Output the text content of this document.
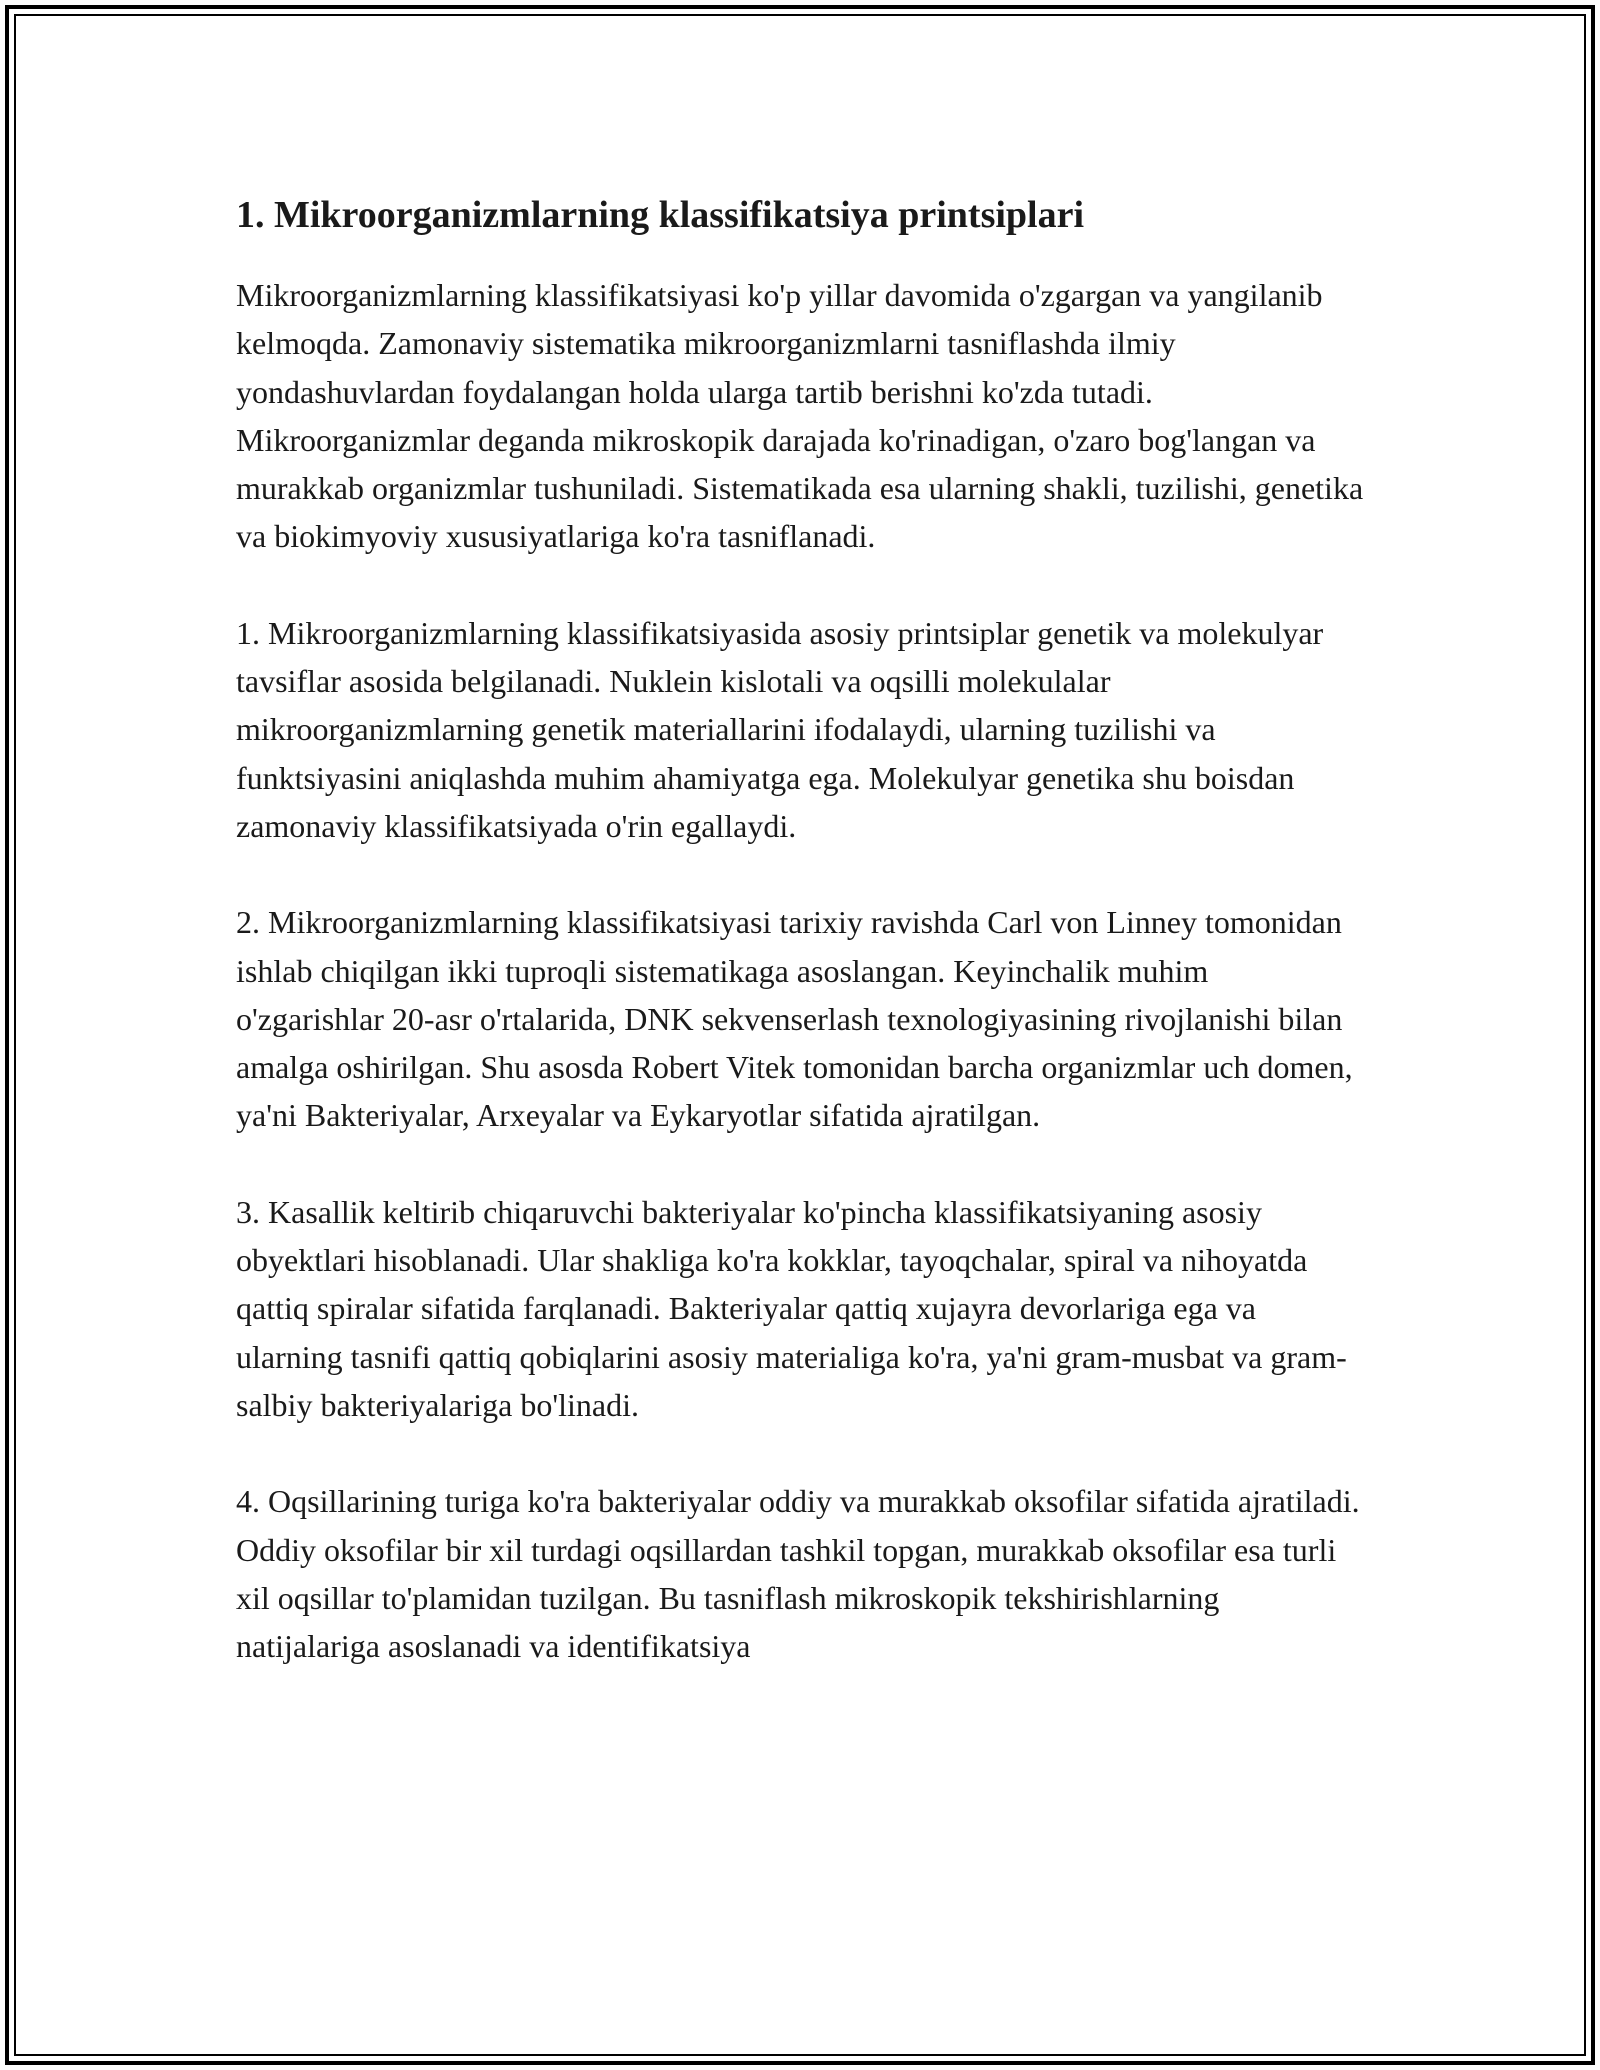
1. Mikroorganizmlarning klassifikatsiya printsiplari

Mikroorganizmlarning klassifikatsiyasi ko'p yillar davomida o'zgargan va yangilanib kelmoqda. Zamonaviy sistematika mikroorganizmlarni tasniflashda ilmiy yondashuvlardan foydalangan holda ularga tartib berishni ko'zda tutadi. Mikroorganizmlar deganda mikroskopik darajada ko'rinadigan, o'zaro bog'langan va murakkab organizmlar tushuniladi. Sistematikada esa ularning shakli, tuzilishi, genetika va biokimyoviy xususiyatlariga ko'ra tasniflanadi.

1. Mikroorganizmlarning klassifikatsiyasida asosiy printsiplar genetik va molekulyar tavsiflar asosida belgilanadi. Nuklein kislotali va oqsilli molekulalar mikroorganizmlarning genetik materiallarini ifodalaydi, ularning tuzilishi va funktsiyasini aniqlashda muhim ahamiyatga ega. Molekulyar genetika shu boisdan zamonaviy klassifikatsiyada o'rin egallaydi.

2. Mikroorganizmlarning klassifikatsiyasi tarixiy ravishda Carl von Linney tomonidan ishlab chiqilgan ikki tuproqli sistematikaga asoslangan. Keyinchalik muhim o'zgarishlar 20-asr o'rtalarida, DNK sekvenserlash texnologiyasining rivojlanishi bilan amalga oshirilgan. Shu asosda Robert Vitek tomonidan barcha organizmlar uch domen, ya'ni Bakteriyalar, Arxeyalar va Eykaryotlar sifatida ajratilgan.

3. Kasallik keltirib chiqaruvchi bakteriyalar ko'pincha klassifikatsiyaning asosiy obyektlari hisoblanadi. Ular shakliga ko'ra kokklar, tayoqchalar, spiral va nihoyatda qattiq spiralar sifatida farqlanadi. Bakteriyalar qattiq xujayra devorlariga ega va ularning tasnifi qattiq qobiqlarini asosiy materialiga ko'ra, ya'ni gram-musbat va gram-salbiy bakteriyalariga bo'linadi.

4. Oqsillarining turiga ko'ra bakteriyalar oddiy va murakkab oksofilar sifatida ajratiladi. Oddiy oksofilar bir xil turdagi oqsillardan tashkil topgan, murakkab oksofilar esa turli xil oqsillar to'plamidan tuzilgan. Bu tasniflash mikroskopik tekshirishlarning natijalariga asoslanadi va identifikatsiya
